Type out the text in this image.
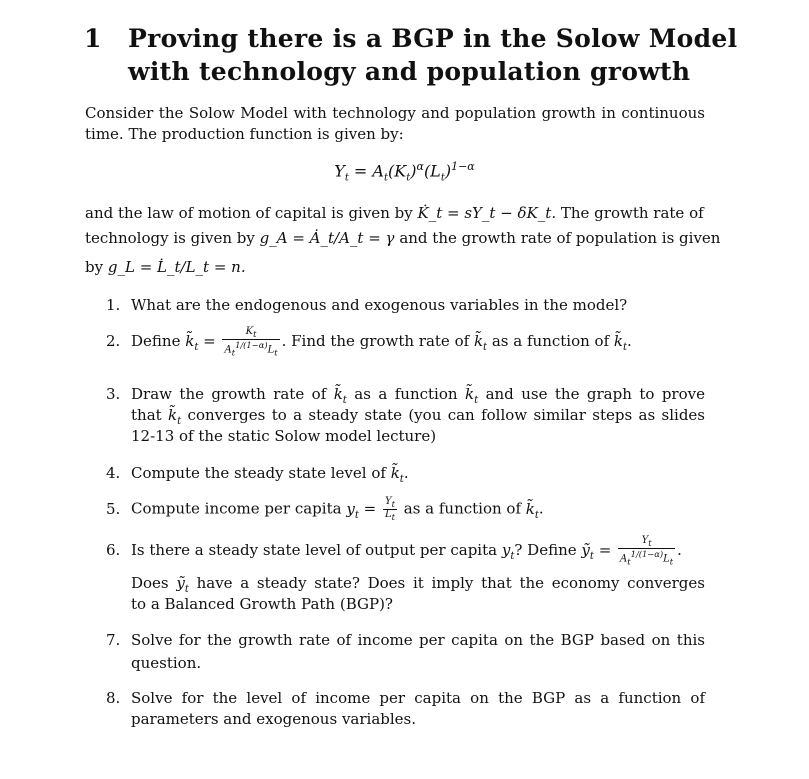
1 Proving there is a BGP in the Solow Model
with technology and population growth
Consider the Solow Model with technology and population growth in continuous
time. The production function is given by:
$Y_t = A_t(K_t)^\alpha(L_t)^{1-\alpha}$
and the law of motion of capital is given by K̇_t = sY_t − δK_t. The growth rate of
technology is given by g_A = Ȧ_t/A_t = γ and the growth rate of population is given
by g_L = L̇_t/L_t = n.
1. What are the endogenous and exogenous variables in the model?
2. Define $k̃_t = \frac{K_t}{A_t^{1/(1-\alpha)}L_t}$ . Find the growth rate of $k̃_t$ as a function of $k̃_t$.
3. Draw the growth rate of $k̃_t$ as a function $k̃_t$ and use the graph to prove
that $k̃_t$ converges to a steady state (you can follow similar steps as slides
12-13 of the static Solow model lecture)
4. Compute the steady state level of $k̃_t$.
5. Compute income per capita $y_t = \frac{Y_t}{L_t}$ as a function of $k̃_t$.
6. Is there a steady state level of output per capita $y_t$? Define ỹ$_t$ = $\frac{Y_t}{A_t^{1/(1-\alpha)}L_t}$ .
Does ỹ$_t$ have a steady state? Does it imply that the economy converges
to a Balanced Growth Path (BGP)?
7. Solve for the growth rate of income per capita on the BGP based on this
question.
8. Solve for the level of income per capita on the BGP as a function of
parameters and exogenous variables.
